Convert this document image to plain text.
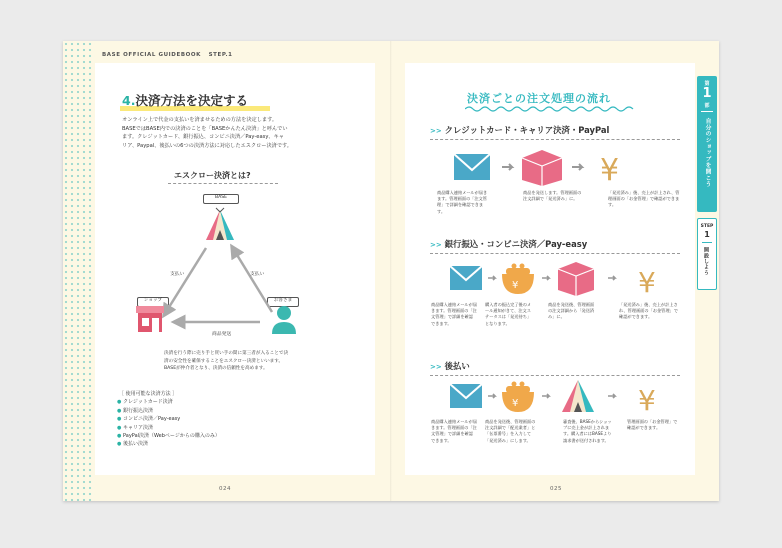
BASE OFFICIAL GUIDEBOOK STEP.1
4.決済方法を決定する
オンライン上で代金の支払いを済ませるための方法を決定します。
BASEではBASE内での決済のことを「BASEかんたん決済」と呼んでい
ます。クレジットカード、銀行振込、コンビニ決済／Pay-easy、キャ
リア、Paypal、後払いの6つの決済方法に対応したエスクロー決済です。
エスクロー決済とは?
BASE
ショップ	お客さま
支払い	支払い
商品発送
決済を行う際に売り手と買い手の間に第三者が入ることで決
済の安全性を確保することをエスクロー決済といいます。
BASEが仲介者となり、決済の信頼性を高めます。
［ 使用可能な決済方法 ］
● クレジットカード決済
● 銀行振込決済
● コンビニ決済／Pay-easy
● キャリア決済
● PayPal決済（Webページからの購入のみ）
● 後払い決済
024
決済ごとの注文処理の流れ
>> クレジットカード・キャリア決済・PayPal
¥
商品購入連絡メールが届きます。管理画面の「注文管理」で詳細を確認できます。
商品を発送します。管理画面の注文詳細で「発送済み」に。
「発送済み」後、売上が計上され、管理画面の「お金管理」で確認ができます。
>> 銀行振込・コンビニ決済／Pay-easy
¥	¥
商品購入連絡メールが届きます。管理画面の「注文管理」で詳細を確認できます。
購入者の振込完了後のメール通知がきて、注文ステータスは「発送待ち」となります。
商品を発送後、管理画面の注文詳細から「発送済み」に。
「発送済み」後、売上が計上され、管理画面の「お金管理」で確認ができます。
>> 後払い
¥	¥
商品購入連絡メールが届きます。管理画面の「注文管理」で詳細を確認できます。
商品を発送後、管理画面の注文詳細で「配送業者」と「伝票番号」を入力して「発送済み」にします。
審査後、BASEからショップに売上金が計上されます。購入者にはBASEより請求書が送付されます。
管理画面の「お金管理」で確認ができます。
025
第
1
部
自分のショップを開こう
STEP
1
開設しよう
